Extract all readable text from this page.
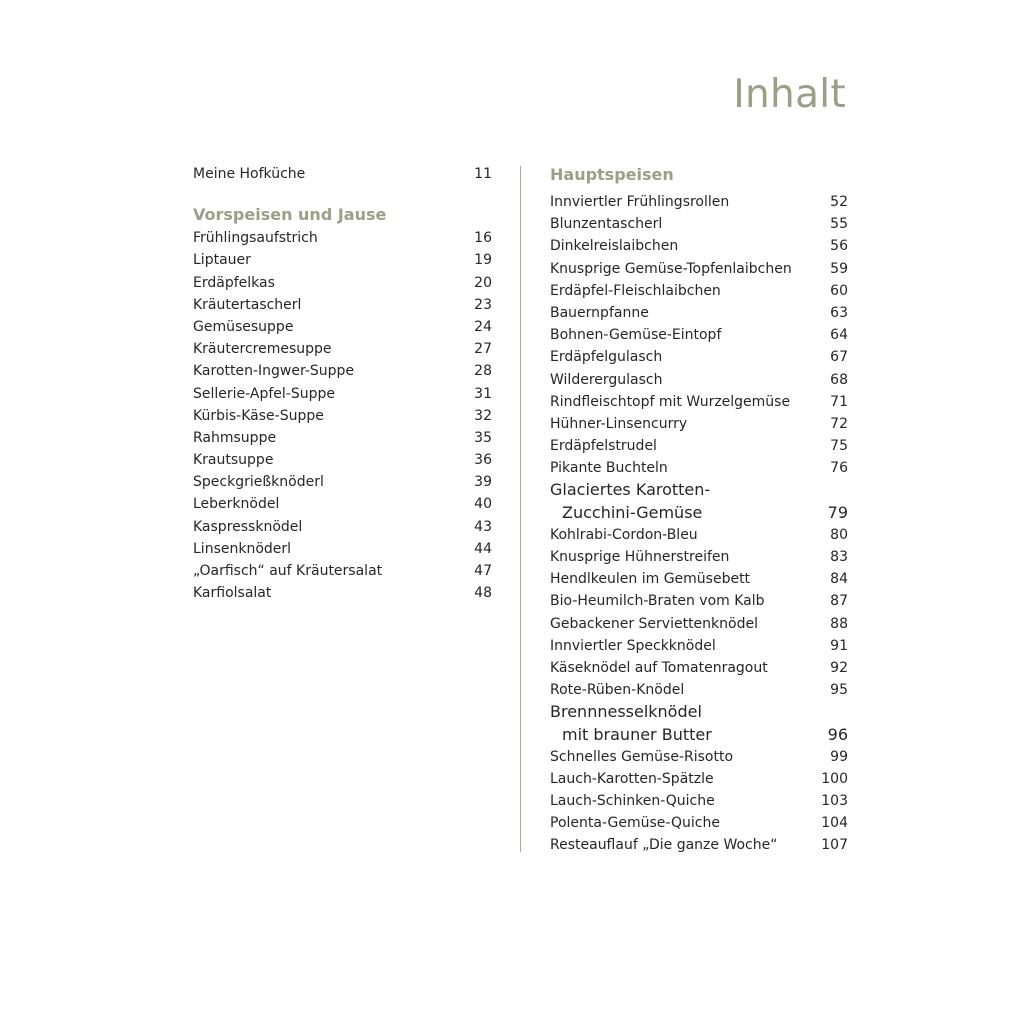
Inhalt
Meine Hofküche	11
Vorspeisen und Jause
Frühlingsaufstrich	16
Liptauer	19
Erdäpfelkas	20
Kräutertascherl	23
Gemüsesuppe	24
Kräutercremesuppe	27
Karotten-Ingwer-Suppe	28
Sellerie-Apfel-Suppe	31
Kürbis-Käse-Suppe	32
Rahmsuppe	35
Krautsuppe	36
Speckgrießknöderl	39
Leberknödel	40
Kaspressknödel	43
Linsenknöderl	44
„Oarfisch“ auf Kräutersalat	47
Karfiolsalat	48
Hauptspeisen
Innviertler Frühlingsrollen	52
Blunzentascherl	55
Dinkelreislaibchen	56
Knusprige Gemüse-Topfenlaibchen	59
Erdäpfel-Fleischlaibchen	60
Bauernpfanne	63
Bohnen-Gemüse-Eintopf	64
Erdäpfelgulasch	67
Wilderergulasch	68
Rindfleischtopf mit Wurzelgemüse	71
Hühner-Linsencurry	72
Erdäpfelstrudel	75
Pikante Buchteln	76
Glaciertes Karotten-
Zucchini-Gemüse	79
Kohlrabi-Cordon-Bleu	80
Knusprige Hühnerstreifen	83
Hendlkeulen im Gemüsebett	84
Bio-Heumilch-Braten vom Kalb	87
Gebackener Serviettenknödel	88
Innviertler Speckknödel	91
Käseknödel auf Tomatenragout	92
Rote-Rüben-Knödel	95
Brennnesselknödel
mit brauner Butter	96
Schnelles Gemüse-Risotto	99
Lauch-Karotten-Spätzle	100
Lauch-Schinken-Quiche	103
Polenta-Gemüse-Quiche	104
Resteauflauf „Die ganze Woche“	107
